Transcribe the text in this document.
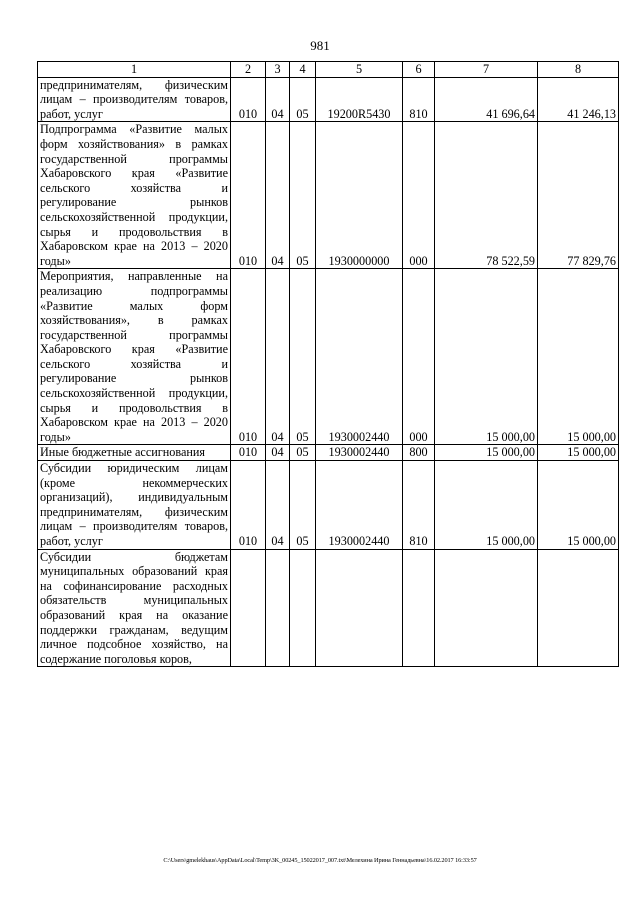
981
1	2	3	4	5	6	7	8
предпринимателям, физическим лицам – производителям товаров, работ, услуг	010	04	05	19200R5430	810	41 696,64	41 246,13
Подпрограмма «Развитие малых форм хозяйствования» в рамках государственной программы Хабаровского края «Развитие сельского хозяйства и регулирование рынков сельскохозяйственной продукции, сырья и продовольствия в Хабаровском крае на 2013 – 2020 годы»	010	04	05	1930000000	000	78 522,59	77 829,76
Мероприятия, направленные на реализацию подпрограммы «Развитие малых форм хозяйствования», в рамках государственной программы Хабаровского края «Развитие сельского хозяйства и регулирование рынков сельскохозяйственной продукции, сырья и продовольствия в Хабаровском крае на 2013 – 2020 годы»	010	04	05	1930002440	000	15 000,00	15 000,00
Иные бюджетные ассигнования	010	04	05	1930002440	800	15 000,00	15 000,00
Субсидии юридическим лицам (кроме некоммерческих организаций), индивидуальным предпринимателям, физическим лицам – производителям товаров, работ, услуг	010	04	05	1930002440	810	15 000,00	15 000,00
Субсидии бюджетам муниципальных образований края на софинансирование расходных обязательств муниципальных образований края на оказание поддержки гражданам, ведущим личное подсобное хозяйство, на содержание поголовья коров,							
C:\Users\gmelekhaus\AppData\Local\Temp\3K_00245_15022017_007.txt\Мелехина Ирина Геннадьевна\16.02.2017 16:33:57
